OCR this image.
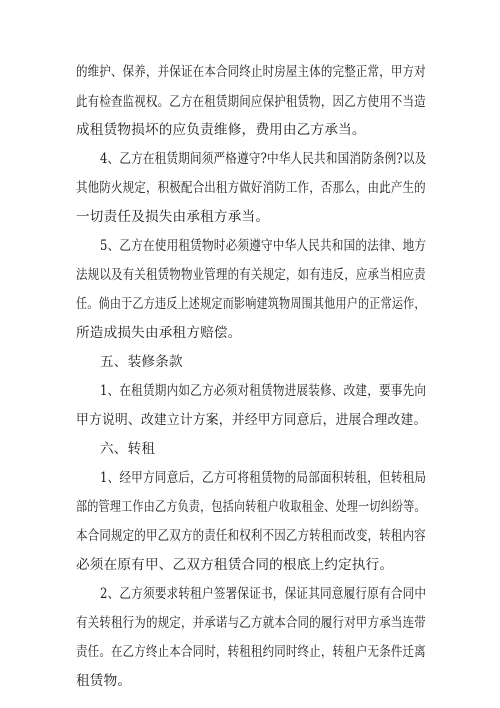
的维护、保养，并保证在本合同终止时房屋主体的完整正常，甲方对

此有检查监视权。乙方在租赁期间应保护租赁物，因乙方使用不当造

成租赁物损坏的应负责维修，费用由乙方承当。

4、乙方在租赁期间须严格遵守?中华人民共和国消防条例?以及

其他防火规定，积极配合出租方做好消防工作，否那么，由此产生的

一切责任及损失由承租方承当。

5、乙方在使用租赁物时必须遵守中华人民共和国的法律、地方

法规以及有关租赁物物业管理的有关规定，如有违反，应承当相应责

任。倘由于乙方违反上述规定而影响建筑物周围其他用户的正常运作，

所造成损失由承租方赔偿。

五、装修条款

1、在租赁期内如乙方必须对租赁物进展装修、改建，要事先向

甲方说明、改建立计方案，并经甲方同意后，进展合理改建。

六、转租

1、经甲方同意后，乙方可将租赁物的局部面积转租，但转租局

部的管理工作由乙方负责，包括向转租户收取租金、处理一切纠纷等。

本合同规定的甲乙双方的责任和权利不因乙方转租而改变，转租内容

必须在原有甲、乙双方租赁合同的根底上约定执行。

2、乙方须要求转租户签署保证书，保证其同意履行原有合同中

有关转租行为的规定，并承诺与乙方就本合同的履行对甲方承当连带

责任。在乙方终止本合同时，转租租约同时终止，转租户无条件迁离

租赁物。
